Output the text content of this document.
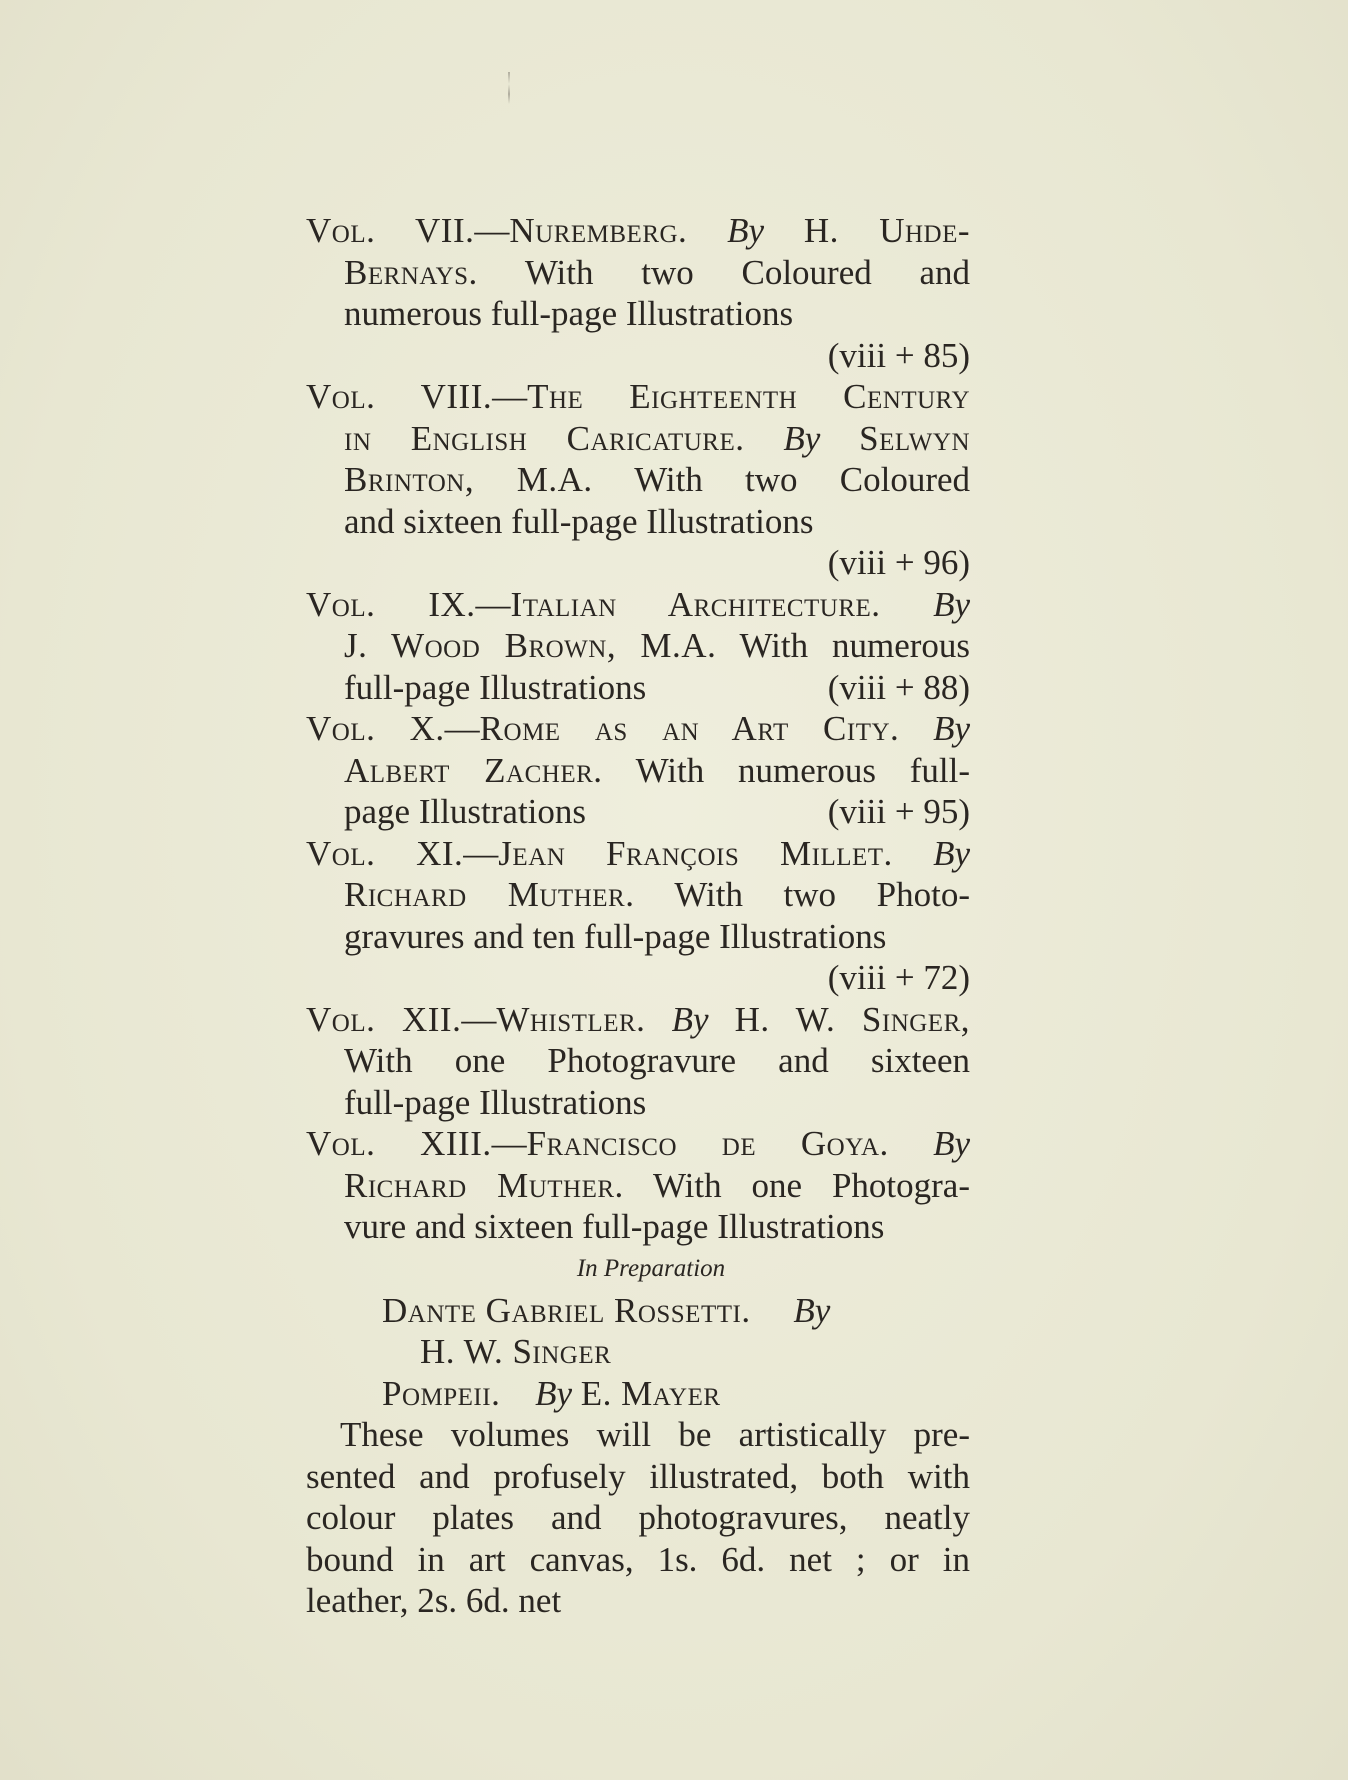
Vol. VII.—Nuremberg. By H. Uhde-
Bernays. With two Coloured and
numerous full-page Illustrations
(viii + 85)
Vol. VIII.—The Eighteenth Century
in English Caricature. By Selwyn
Brinton, M.A. With two Coloured
and sixteen full-page Illustrations
(viii + 96)
Vol. IX.—Italian Architecture. By
J. Wood Brown, M.A. With numerous
full-page Illustrations	(viii + 88)
Vol. X.—Rome as an Art City. By
Albert Zacher. With numerous full-
page Illustrations	(viii + 95)
Vol. XI.—Jean François Millet. By
Richard Muther. With two Photo-
gravures and ten full-page Illustrations
(viii + 72)
Vol. XII.—Whistler. By H. W. Singer,
With one Photogravure and sixteen
full-page Illustrations
Vol. XIII.—Francisco de Goya. By
Richard Muther. With one Photogra-
vure and sixteen full-page Illustrations
In Preparation
Dante Gabriel Rossetti. By
H. W. Singer
Pompeii. By E. Mayer
These volumes will be artistically pre-
sented and profusely illustrated, both with
colour plates and photogravures, neatly
bound in art canvas, 1s. 6d. net ; or in
leather, 2s. 6d. net
